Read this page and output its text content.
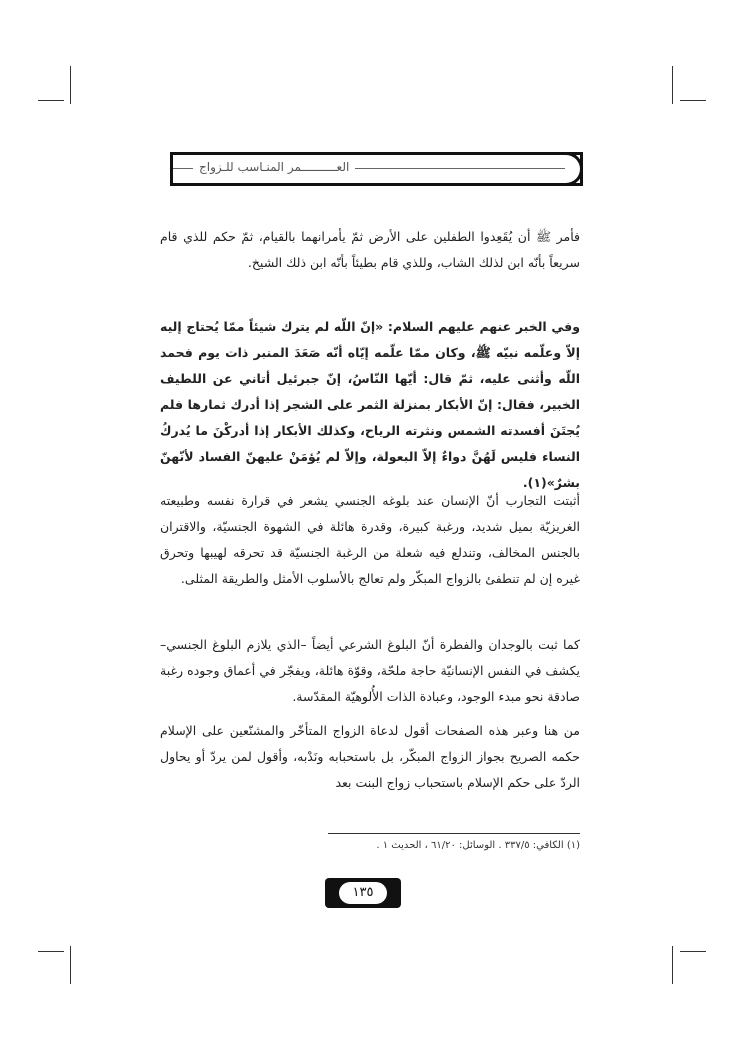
العــــــــــمر المنـاسب للـزواج
فأمر ﷺ أن يُقَعِدوا الطفلين على الأرض ثمّ يأمرانهما بالقيام، ثمّ حكم للذي قام سريعاً بأنّه ابن لذلك الشاب، وللذي قام بطيئاً بأنّه ابن ذلك الشيخ.
وفي الخبر عنهم عليهم السلام: «إنّ اللّه لم يترك شيئاً ممّا يُحتاج إليه إلاّ وعلّمه نبيّه ﷺ، وكان ممّا علّمه إيّاه أنّه صَعَدَ المنبر ذات يوم فحمد اللّه وأثنى عليه، ثمّ قال: أيّها النّاسُ، إنّ جبرئيل أتاني عن اللطيف الخبير، فقال: إنّ الأبكار بمنزلة الثمر على الشجر إذا أدرك ثمارها فلم يُجتَنَ أفسدته الشمس ونثرته الرياح، وكذلك الأبكار إذا أدركْنَ ما يُدركُ النساء فليس لَهُنَّ دواءٌ إلاّ البعولة، وإلاّ لم يُؤمَنْ عليهنّ الفساد لأنّهنّ بشرٌ»(١).
أثبتت التجارب أنّ الإنسان عند بلوغه الجنسي يشعر في قرارة نفسه وطبيعته الغريزيّة بميل شديد، ورغبة كبيرة، وقدرة هائلة في الشهوة الجنسيّة، والاقتران بالجنس المخالف، وتندلع فيه شعلة من الرغبة الجنسيّة قد تحرقه لهيبها وتحرق غيره إن لم تنطفئ بالزواج المبكّر ولم تعالج بالأسلوب الأمثل والطريقة المثلى.
كما ثبت بالوجدان والفطرة أنّ البلوغ الشرعي أيضاً –الذي يلازم البلوغ الجنسي– يكشف في النفس الإنسانيّة حاجة ملحّة، وقوّة هائلة، ويفجّر في أعماق وجوده رغبة صادقة نحو مبدء الوجود، وعبادة الذات الأُلوهيّة المقدّسة.
من هنا وعبر هذه الصفحات أقول لدعاة الزواج المتأخّر والمشنّعين على الإسلام حكمه الصريح بجواز الزواج المبكّر، بل باستحبابه ونَدْبه، وأقول لمن يردّ أو يحاول الردّ على حكم الإسلام باستحباب زواج البنت بعد
(١) الكافي: ٣٣٧/٥ . الوسائل: ٦١/٢٠ ، الحديث ١ .
١٣٥
